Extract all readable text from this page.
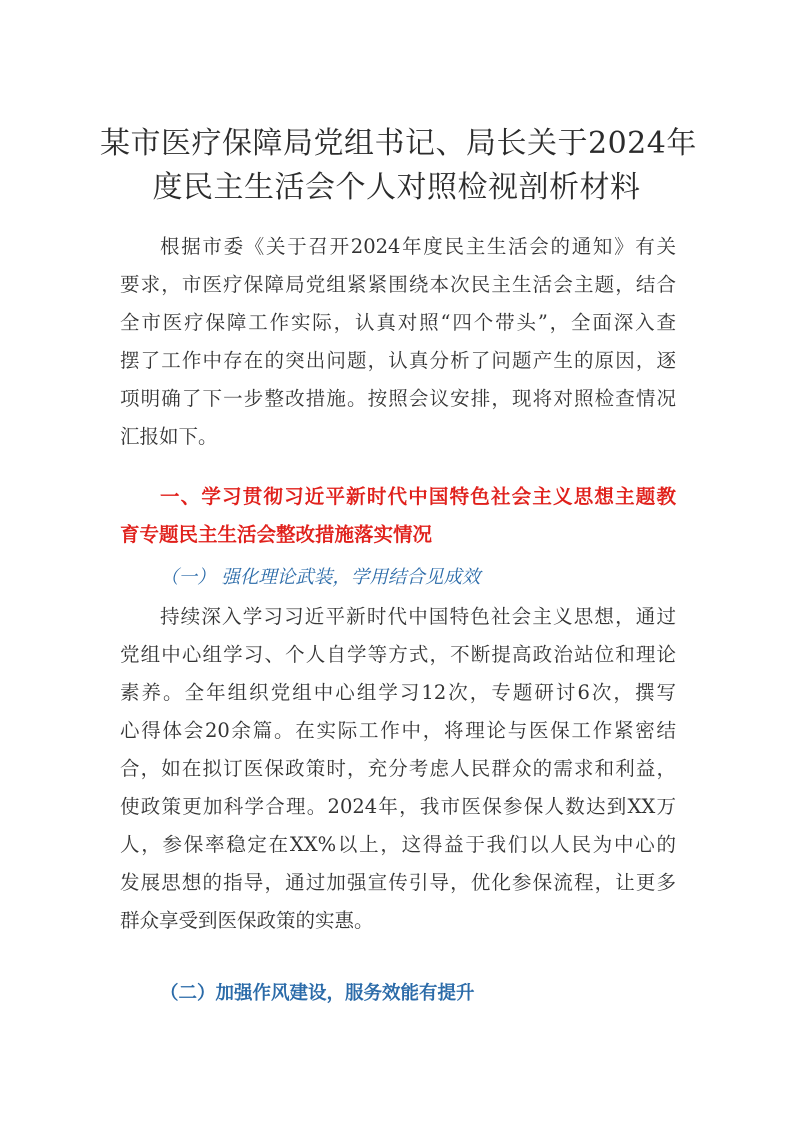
某市医疗保障局党组书记、局长关于2024年
度民主生活会个人对照检视剖析材料
根据市委《关于召开2024年度民主生活会的通知》有关
要求，市医疗保障局党组紧紧围绕本次民主生活会主题，结合
全市医疗保障工作实际，认真对照“四个带头”，全面深入查
摆了工作中存在的突出问题，认真分析了问题产生的原因，逐
项明确了下一步整改措施。按照会议安排，现将对照检查情况
汇报如下。
一、学习贯彻习近平新时代中国特色社会主义思想主题教
育专题民主生活会整改措施落实情况
（一） 强化理论武装，学用结合见成效
持续深入学习习近平新时代中国特色社会主义思想，通过
党组中心组学习、个人自学等方式，不断提高政治站位和理论
素养。全年组织党组中心组学习12次，专题研讨6次，撰写
心得体会20余篇。在实际工作中，将理论与医保工作紧密结
合，如在拟订医保政策时，充分考虑人民群众的需求和利益，
使政策更加科学合理。2024年，我市医保参保人数达到XX万
人，参保率稳定在XX%以上，这得益于我们以人民为中心的
发展思想的指导，通过加强宣传引导，优化参保流程，让更多
群众享受到医保政策的实惠。
（二）加强作风建设，服务效能有提升
